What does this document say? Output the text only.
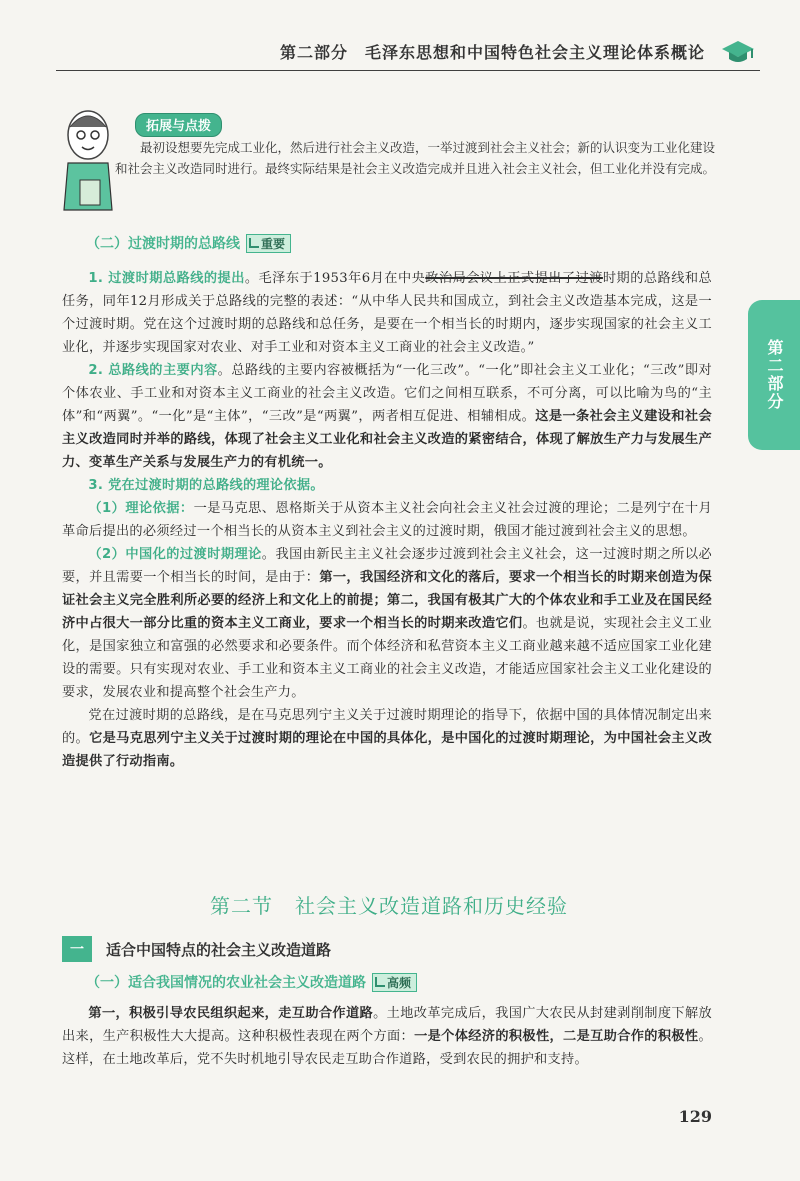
第二部分　毛泽东思想和中国特色社会主义理论体系概论
第二部分
拓展与点拨
最初设想要先完成工业化，然后进行社会主义改造，一举过渡到社会主义社会；新的认识变为工业化建设和社会主义改造同时进行。最终实际结果是社会主义改造完成并且进入社会主义社会，但工业化并没有完成。
（二）过渡时期的总路线	重要

1. 过渡时期总路线的提出。毛泽东于1953年6月在中央政治局会议上正式提出了过渡时期的总路线和总任务，同年12月形成关于总路线的完整的表述：“从中华人民共和国成立，到社会主义改造基本完成，这是一个过渡时期。党在这个过渡时期的总路线和总任务，是要在一个相当长的时期内，逐步实现国家的社会主义工业化，并逐步实现国家对农业、对手工业和对资本主义工商业的社会主义改造。”

2. 总路线的主要内容。总路线的主要内容被概括为“一化三改”。“一化”即社会主义工业化；“三改”即对个体农业、手工业和对资本主义工商业的社会主义改造。它们之间相互联系，不可分离，可以比喻为鸟的“主体”和“两翼”。“一化”是“主体”，“三改”是“两翼”，两者相互促进、相辅相成。这是一条社会主义建设和社会主义改造同时并举的路线，体现了社会主义工业化和社会主义改造的紧密结合，体现了解放生产力与发展生产力、变革生产关系与发展生产力的有机统一。

3. 党在过渡时期的总路线的理论依据。

（1）理论依据：一是马克思、恩格斯关于从资本主义社会向社会主义社会过渡的理论；二是列宁在十月革命后提出的必须经过一个相当长的从资本主义到社会主义的过渡时期，俄国才能过渡到社会主义的思想。

（2）中国化的过渡时期理论。我国由新民主主义社会逐步过渡到社会主义社会，这一过渡时期之所以必要，并且需要一个相当长的时间，是由于：第一，我国经济和文化的落后，要求一个相当长的时期来创造为保证社会主义完全胜利所必要的经济上和文化上的前提；第二，我国有极其广大的个体农业和手工业及在国民经济中占很大一部分比重的资本主义工商业，要求一个相当长的时期来改造它们。也就是说，实现社会主义工业化，是国家独立和富强的必然要求和必要条件。而个体经济和私营资本主义工商业越来越不适应国家工业化建设的需要。只有实现对农业、手工业和资本主义工商业的社会主义改造，才能适应国家社会主义工业化建设的要求，发展农业和提高整个社会生产力。

党在过渡时期的总路线，是在马克思列宁主义关于过渡时期理论的指导下，依据中国的具体情况制定出来的。它是马克思列宁主义关于过渡时期的理论在中国的具体化，是中国化的过渡时期理论，为中国社会主义改造提供了行动指南。

第二节 社会主义改造道路和历史经验
一	适合中国特点的社会主义改造道路
（一）适合我国情况的农业社会主义改造道路	高频

第一，积极引导农民组织起来，走互助合作道路。土地改革完成后，我国广大农民从封建剥削制度下解放出来，生产积极性大大提高。这种积极性表现在两个方面：一是个体经济的积极性，二是互助合作的积极性。这样，在土地改革后，党不失时机地引导农民走互助合作道路，受到农民的拥护和支持。

129
